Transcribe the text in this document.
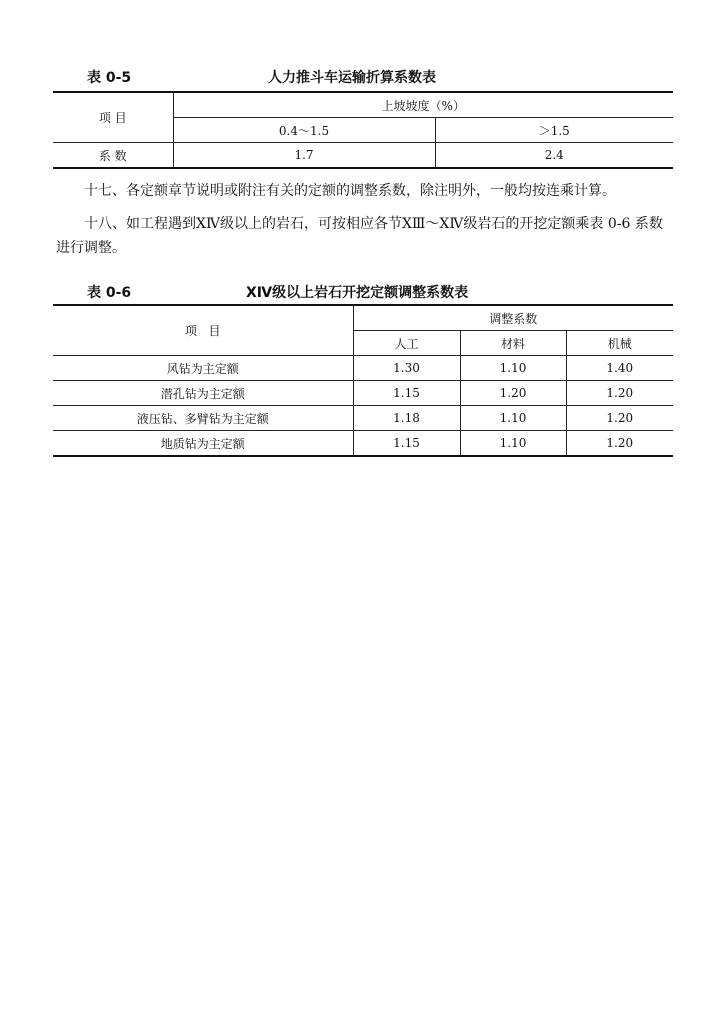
表 0-5	人力推斗车运输折算系数表
项 目	上坡坡度（%）	
	0.4～1.5	＞1.5
系 数	1.7	2.4
十七、各定额章节说明或附注有关的定额的调整系数，除注明外，一般均按连乘计算。
十八、如工程遇到ⅩⅣ级以上的岩石，可按相应各节ⅩⅢ～ⅩⅣ级岩石的开挖定额乘表 0-6 系数进行调整。
表 0-6	ⅩⅣ级以上岩石开挖定额调整系数表
项   目	调整系数		
	人工	材料	机械
风钻为主定额	1.30	1.10	1.40
潜孔钻为主定额	1.15	1.20	1.20
液压钻、多臂钻为主定额	1.18	1.10	1.20
地质钻为主定额	1.15	1.10	1.20
